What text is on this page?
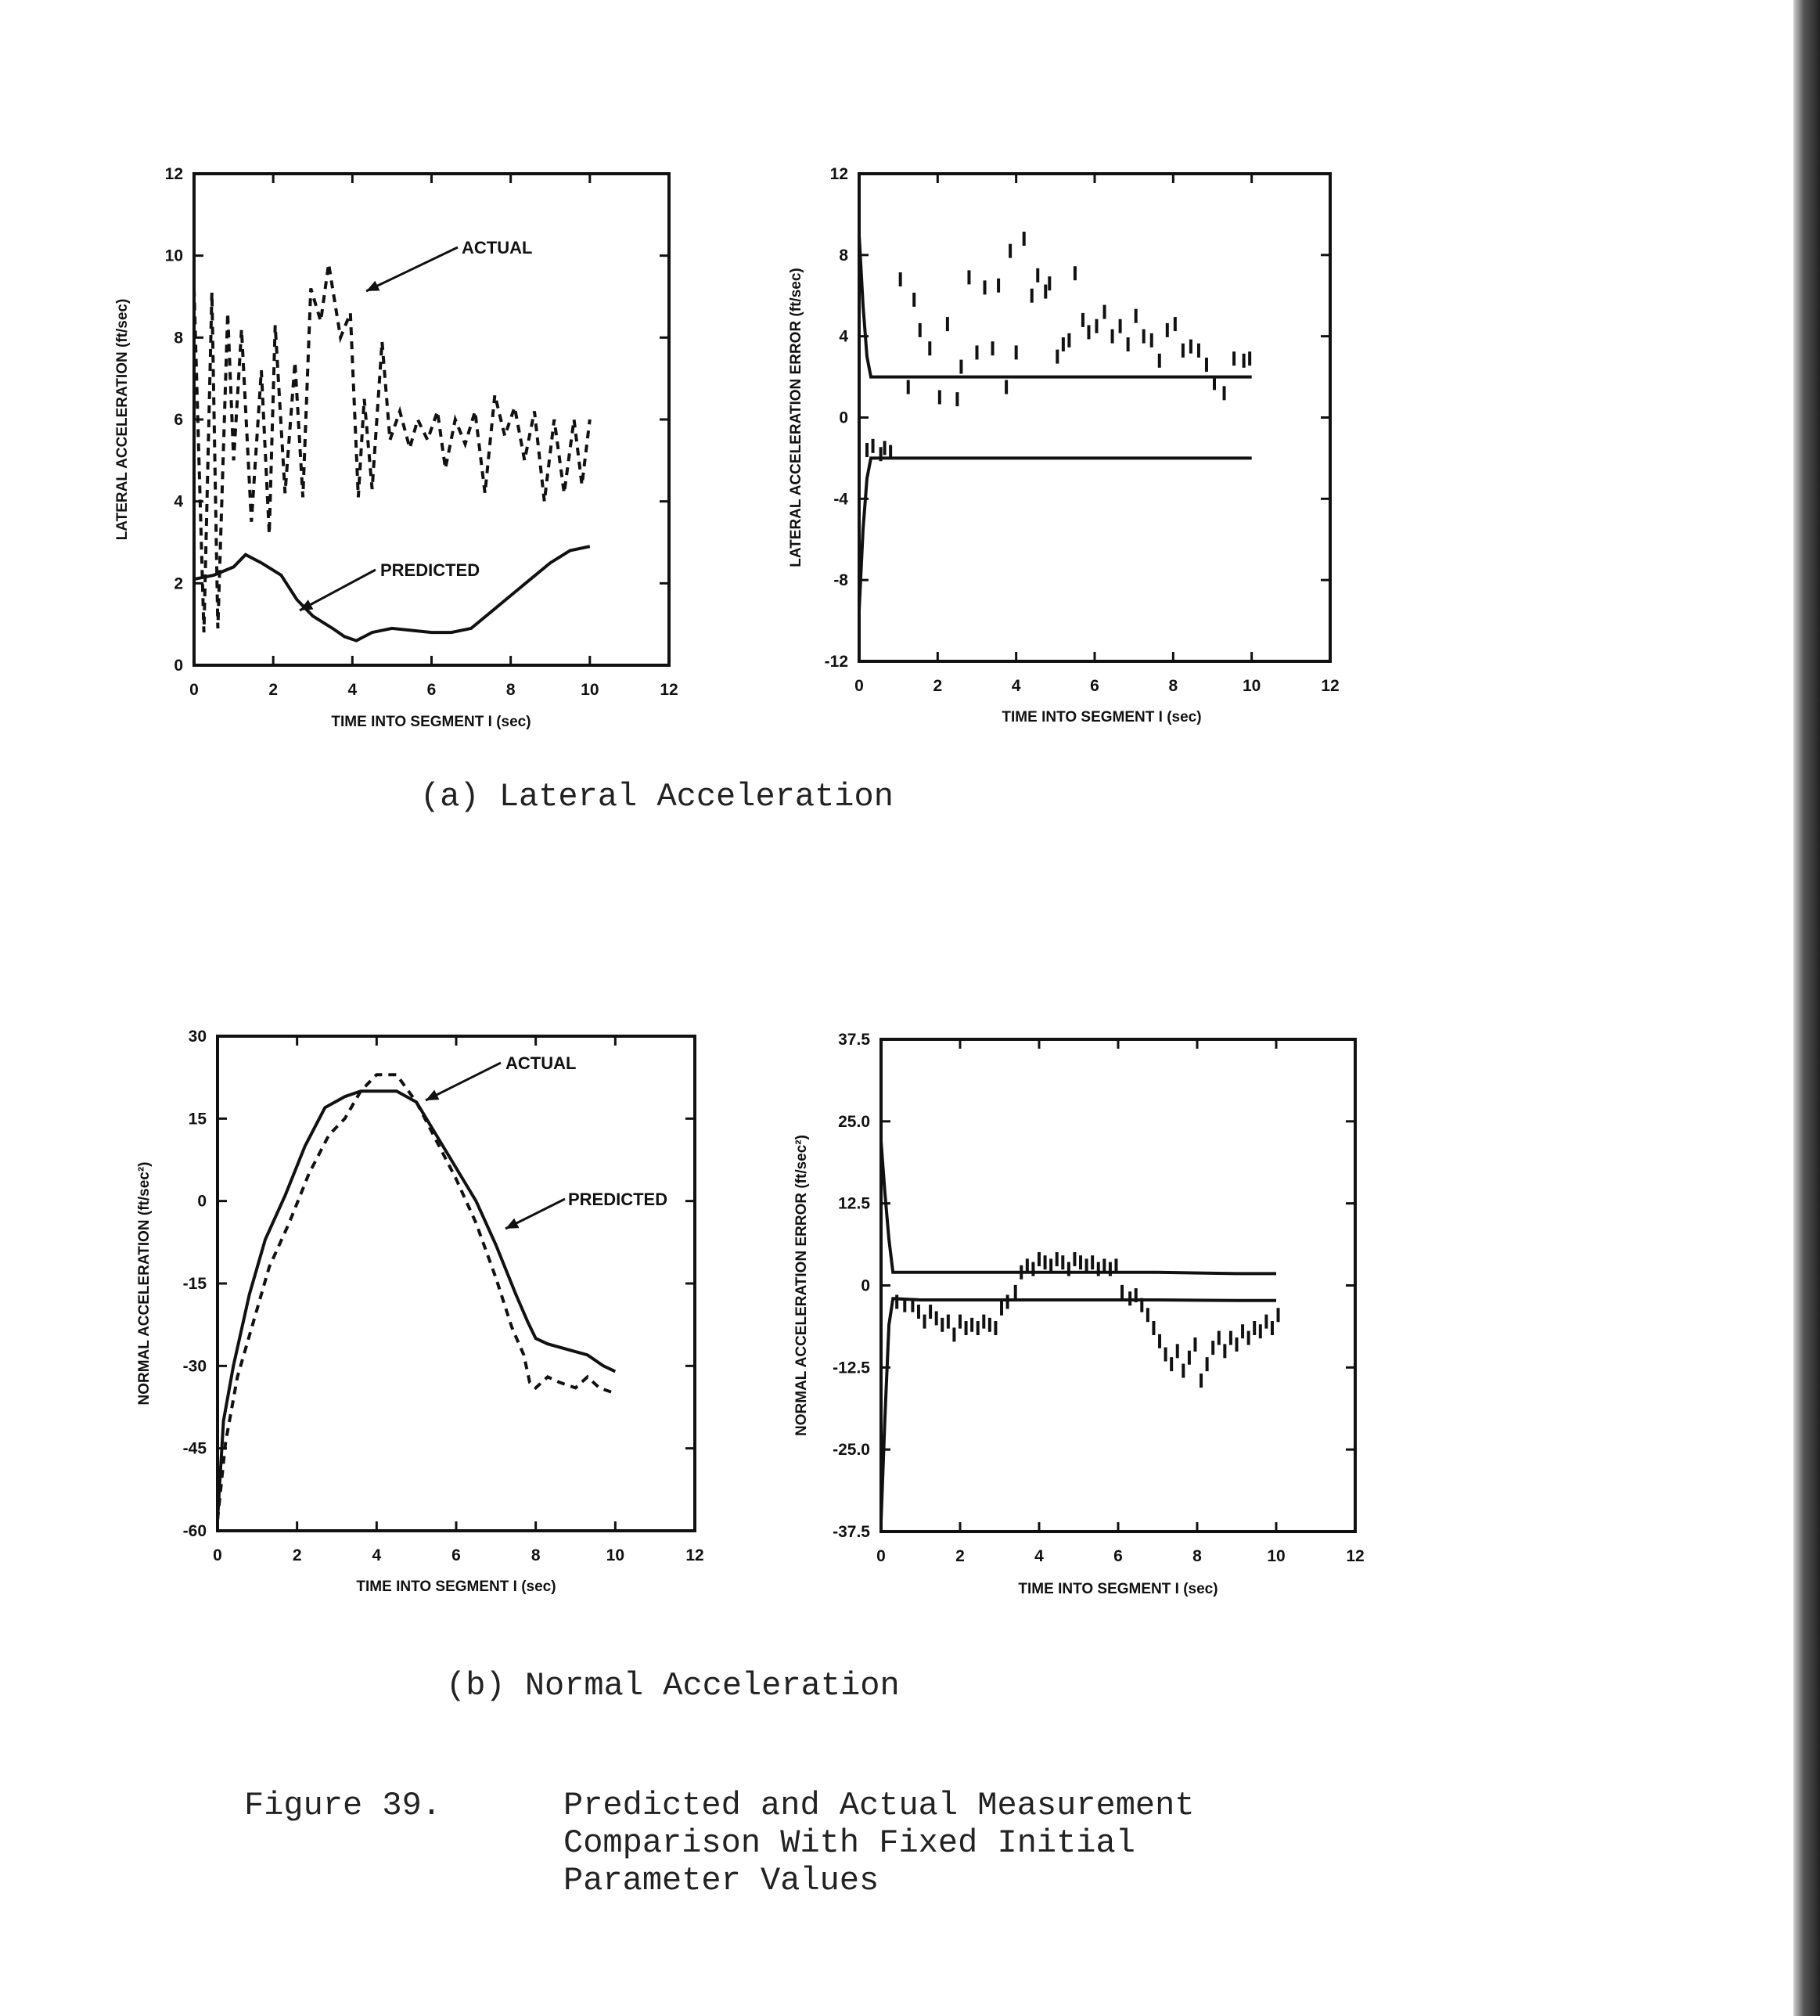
0	2	4	6	8	10	12
0
2
4
6
8
10
12
TIME INTO SEGMENT I (sec)
LATERAL ACCELERATION (ft/sec)
ACTUAL
PREDICTED
0	2	4	6	8	10	12
-12
-8
-4
0
4
8
12
TIME INTO SEGMENT I (sec)
LATERAL ACCELERATION ERROR (ft/sec)
0	2	4	6	8	10	12
-60
-45
-30
-15
0
15
30
TIME INTO SEGMENT I (sec)
NORMAL ACCELERATION (ft/sec²)
ACTUAL
PREDICTED
0	2	4	6	8	10	12
-37.5
-25.0
-12.5
0
12.5
25.0
37.5
TIME INTO SEGMENT I (sec)
NORMAL ACCELERATION ERROR (ft/sec²)
(a) Lateral Acceleration
(b) Normal Acceleration
Figure 39.	Predicted and Actual Measurement
Comparison With Fixed Initial
Parameter Values
